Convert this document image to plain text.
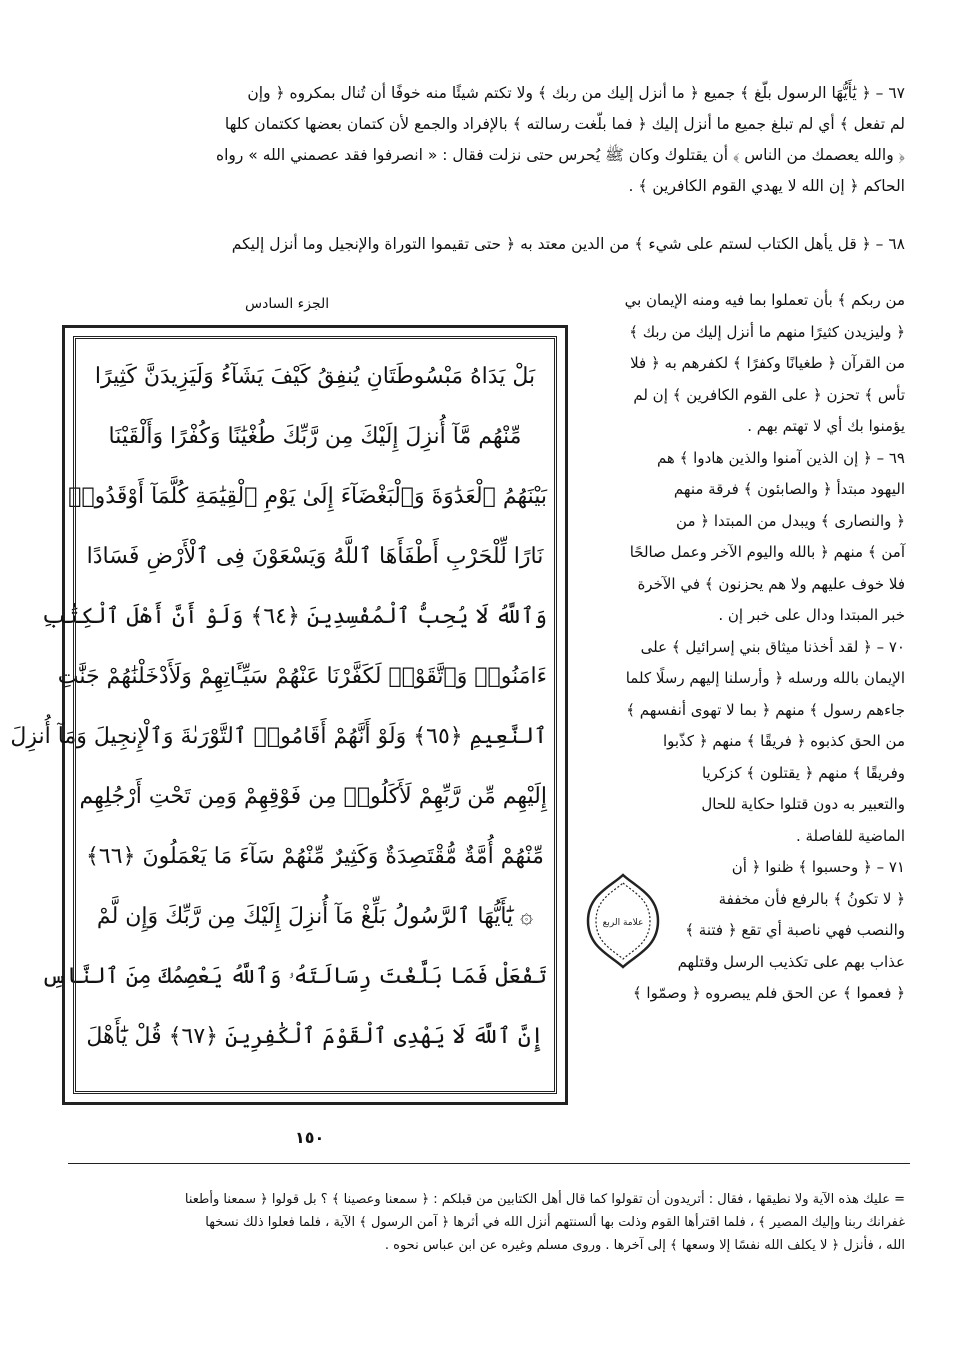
٦٧ – ﴿ يَٰأَيُّهَا الرسول بلّغ ﴾ جميع ﴿ ما أنزل إليك من ربك ﴾ ولا تكتم شيئًا منه خوفًا أن تُنال بمكروه ﴿ وإن
لم تفعل ﴾ أي لم تبلغ جميع ما أنزل إليك ﴿ فما بلّغت رسالته ﴾ بالإفراد والجمع لأن كتمان بعضها ككتمان كلها
﴿ والله يعصمك من الناس ﴾ أن يقتلوك وكان ﷺ يُحرس حتى نزلت فقال : « انصرفوا فقد عصمني الله » رواه
الحاكم ﴿ إن الله لا يهدي القوم الكافرين ﴾ .
٦٨ – ﴿ قل يأهل الكتاب لستم على شيء ﴾ من الدين معتد به ﴿ حتى تقيموا التوراة والإنجيل وما أنزل إليكم
الجزء السادس
بَلْ يَدَاهُ مَبْسُوطَتَانِ يُنفِقُ كَيْفَ يَشَآءُ وَلَيَزِيدَنَّ كَثِيرًا
مِّنْهُم مَّآ أُنزِلَ إِلَيْكَ مِن رَّبِّكَ طُغْيَٰنًا وَكُفْرًا وَأَلْقَيْنَا
بَيْنَهُمُ ٱلْعَدَٰوَةَ وَٱلْبَغْضَآءَ إِلَىٰ يَوْمِ ٱلْقِيَٰمَةِ كُلَّمَآ أَوْقَدُوا۟
نَارًا لِّلْحَرْبِ أَطْفَأَهَا ٱللَّهُ وَيَسْعَوْنَ فِى ٱلْأَرْضِ فَسَادًا
وَٱللَّهُ لَا يُحِبُّ ٱلْمُفْسِدِينَ ﴿٦٤﴾ وَلَوْ أَنَّ أَهْلَ ٱلْكِتَٰبِ
ءَامَنُوا۟ وَٱتَّقَوْا۟ لَكَفَّرْنَا عَنْهُمْ سَيِّـَٔاتِهِمْ وَلَأَدْخَلْنَٰهُمْ جَنَّٰتِ
ٱلنَّعِيمِ ﴿٦٥﴾ وَلَوْ أَنَّهُمْ أَقَامُوا۟ ٱلتَّوْرَىٰةَ وَٱلْإِنجِيلَ وَمَآ أُنزِلَ
إِلَيْهِم مِّن رَّبِّهِمْ لَأَكَلُوا۟ مِن فَوْقِهِمْ وَمِن تَحْتِ أَرْجُلِهِم
مِّنْهُمْ أُمَّةٌ مُّقْتَصِدَةٌ وَكَثِيرٌ مِّنْهُمْ سَآءَ مَا يَعْمَلُونَ ﴿٦٦﴾
۞ يَٰٓأَيُّهَا ٱلرَّسُولُ بَلِّغْ مَآ أُنزِلَ إِلَيْكَ مِن رَّبِّكَ وَإِن لَّمْ
تَفْعَلْ فَمَا بَلَّغْتَ رِسَالَتَهُۥ وَٱللَّهُ يَعْصِمُكَ مِنَ ٱلنَّاسِ
إِنَّ ٱللَّهَ لَا يَهْدِى ٱلْقَوْمَ ٱلْكَٰفِرِينَ ﴿٦٧﴾ قُلْ يَٰٓأَهْلَ
١٥٠
من ربكم ﴾ بأن تعملوا بما فيه ومنه الإيمان بي
﴿ وليزيدن كثيرًا منهم ما أنزل إليك من ربك ﴾
من القرآن ﴿ طغيانًا وكفرًا ﴾ لكفرهم به ﴿ فلا
تأس ﴾ تحزن ﴿ على القوم الكافرين ﴾ إن لم
يؤمنوا بك أي لا تهتم بهم .
٦٩ – ﴿ إن الذين آمنوا والذين هادوا ﴾ هم
اليهود مبتدأ ﴿ والصابئون ﴾ فرقة منهم
﴿ والنصارى ﴾ ويبدل من المبتدا ﴿ من
آمن ﴾ منهم ﴿ بالله واليوم الآخر وعمل صالحًا
فلا خوف عليهم ولا هم يحزنون ﴾ في الآخرة
خبر المبتدا ودال على خبر إن .
٧٠ – ﴿ لقد أخذنا ميثاق بني إسرائيل ﴾ على
الإيمان بالله ورسله ﴿ وأرسلنا إليهم رسلًا كلما
جاءهم رسول ﴾ منهم ﴿ بما لا تهوى أنفسهم ﴾
من الحق كذبوه ﴿ فريقًا ﴾ منهم ﴿ كذّبوا
وفريقًا ﴾ منهم ﴿ يقتلون ﴾ كزكريا
والتعبير به دون قتلوا حكاية للحال
الماضية للفاصلة .
٧١ – ﴿ وحسبوا ﴾ ظنوا ﴿ أن
﴿ لا تكونُ ﴾ بالرفع فأن مخففة
والنصب فهي ناصبة أي تقع ﴿ فتنة ﴾
عذاب بهم على تكذيب الرسل وقتلهم
﴿ فعموا ﴾ عن الحق فلم يبصروه ﴿ وصمّوا ﴾
علامة الربع
= عليك هذه الآية ولا نطيقها ، فقال : أتريدون أن تقولوا كما قال أهل الكتابين من قبلكم : ﴿ سمعنا وعصينا ﴾ ؟ بل قولوا ﴿ سمعنا وأطعنا
غفرانك ربنا وإليك المصير ﴾ ، فلما اقترأها القوم وذلت بها ألسنتهم أنزل الله في أثرها ﴿ آمن الرسول ﴾ الآية ، فلما فعلوا ذلك نسخها
الله ، فأنزل ﴿ لا يكلف الله نفسًا إلا وسعها ﴾ إلى آخرها . وروى مسلم وغيره عن ابن عباس نحوه .
